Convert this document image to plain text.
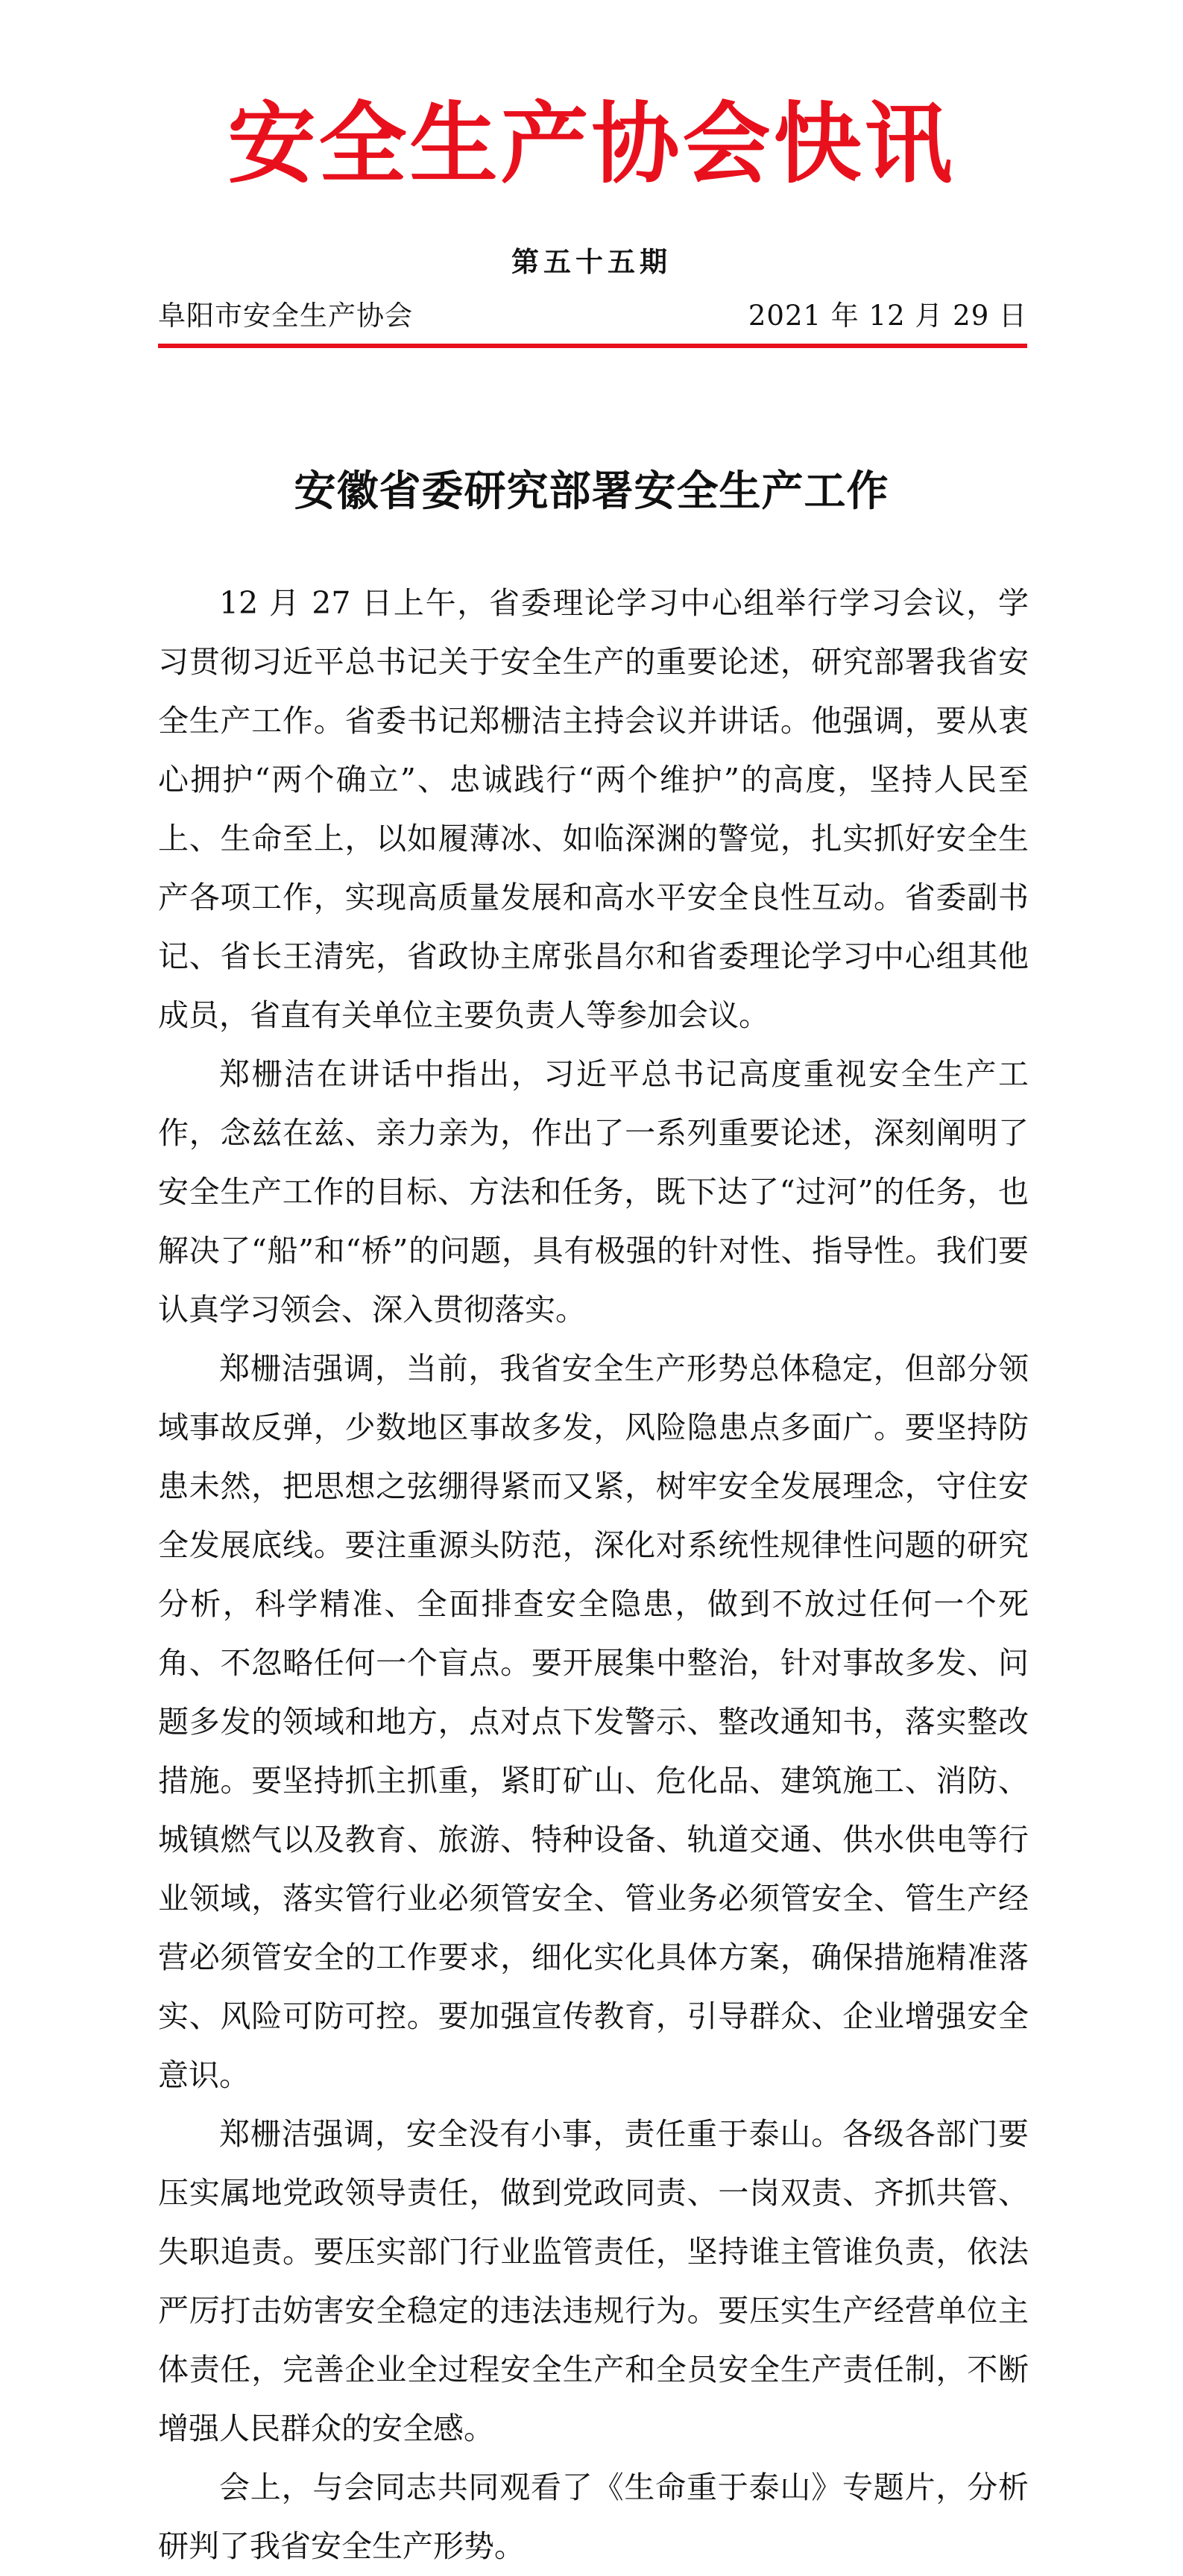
安全生产协会快讯
第五十五期
阜阳市安全生产协会	2021 年 12 月 29 日
安徽省委研究部署安全生产工作

12 月 27 日上午，省委理论学习中心组举行学习会议，学习贯彻习近平总书记关于安全生产的重要论述，研究部署我省安全生产工作。省委书记郑栅洁主持会议并讲话。他强调，要从衷心拥护“两个确立”、忠诚践行“两个维护”的高度，坚持人民至上、生命至上，以如履薄冰、如临深渊的警觉，扎实抓好安全生产各项工作，实现高质量发展和高水平安全良性互动。省委副书记、省长王清宪，省政协主席张昌尔和省委理论学习中心组其他成员，省直有关单位主要负责人等参加会议。

郑栅洁在讲话中指出，习近平总书记高度重视安全生产工作，念兹在兹、亲力亲为，作出了一系列重要论述，深刻阐明了安全生产工作的目标、方法和任务，既下达了“过河”的任务，也解决了“船”和“桥”的问题，具有极强的针对性、指导性。我们要认真学习领会、深入贯彻落实。

郑栅洁强调，当前，我省安全生产形势总体稳定，但部分领域事故反弹，少数地区事故多发，风险隐患点多面广。要坚持防患未然，把思想之弦绷得紧而又紧，树牢安全发展理念，守住安全发展底线。要注重源头防范，深化对系统性规律性问题的研究分析，科学精准、全面排查安全隐患，做到不放过任何一个死角、不忽略任何一个盲点。要开展集中整治，针对事故多发、问题多发的领域和地方，点对点下发警示、整改通知书，落实整改措施。要坚持抓主抓重，紧盯矿山、危化品、建筑施工、消防、城镇燃气以及教育、旅游、特种设备、轨道交通、供水供电等行业领域，落实管行业必须管安全、管业务必须管安全、管生产经营必须管安全的工作要求，细化实化具体方案，确保措施精准落实、风险可防可控。要加强宣传教育，引导群众、企业增强安全意识。

郑栅洁强调，安全没有小事，责任重于泰山。各级各部门要压实属地党政领导责任，做到党政同责、一岗双责、齐抓共管、失职追责。要压实部门行业监管责任，坚持谁主管谁负责，依法严厉打击妨害安全稳定的违法违规行为。要压实生产经营单位主体责任，完善企业全过程安全生产和全员安全生产责任制，不断增强人民群众的安全感。

会上，与会同志共同观看了《生命重于泰山》专题片，分析研判了我省安全生产形势。
